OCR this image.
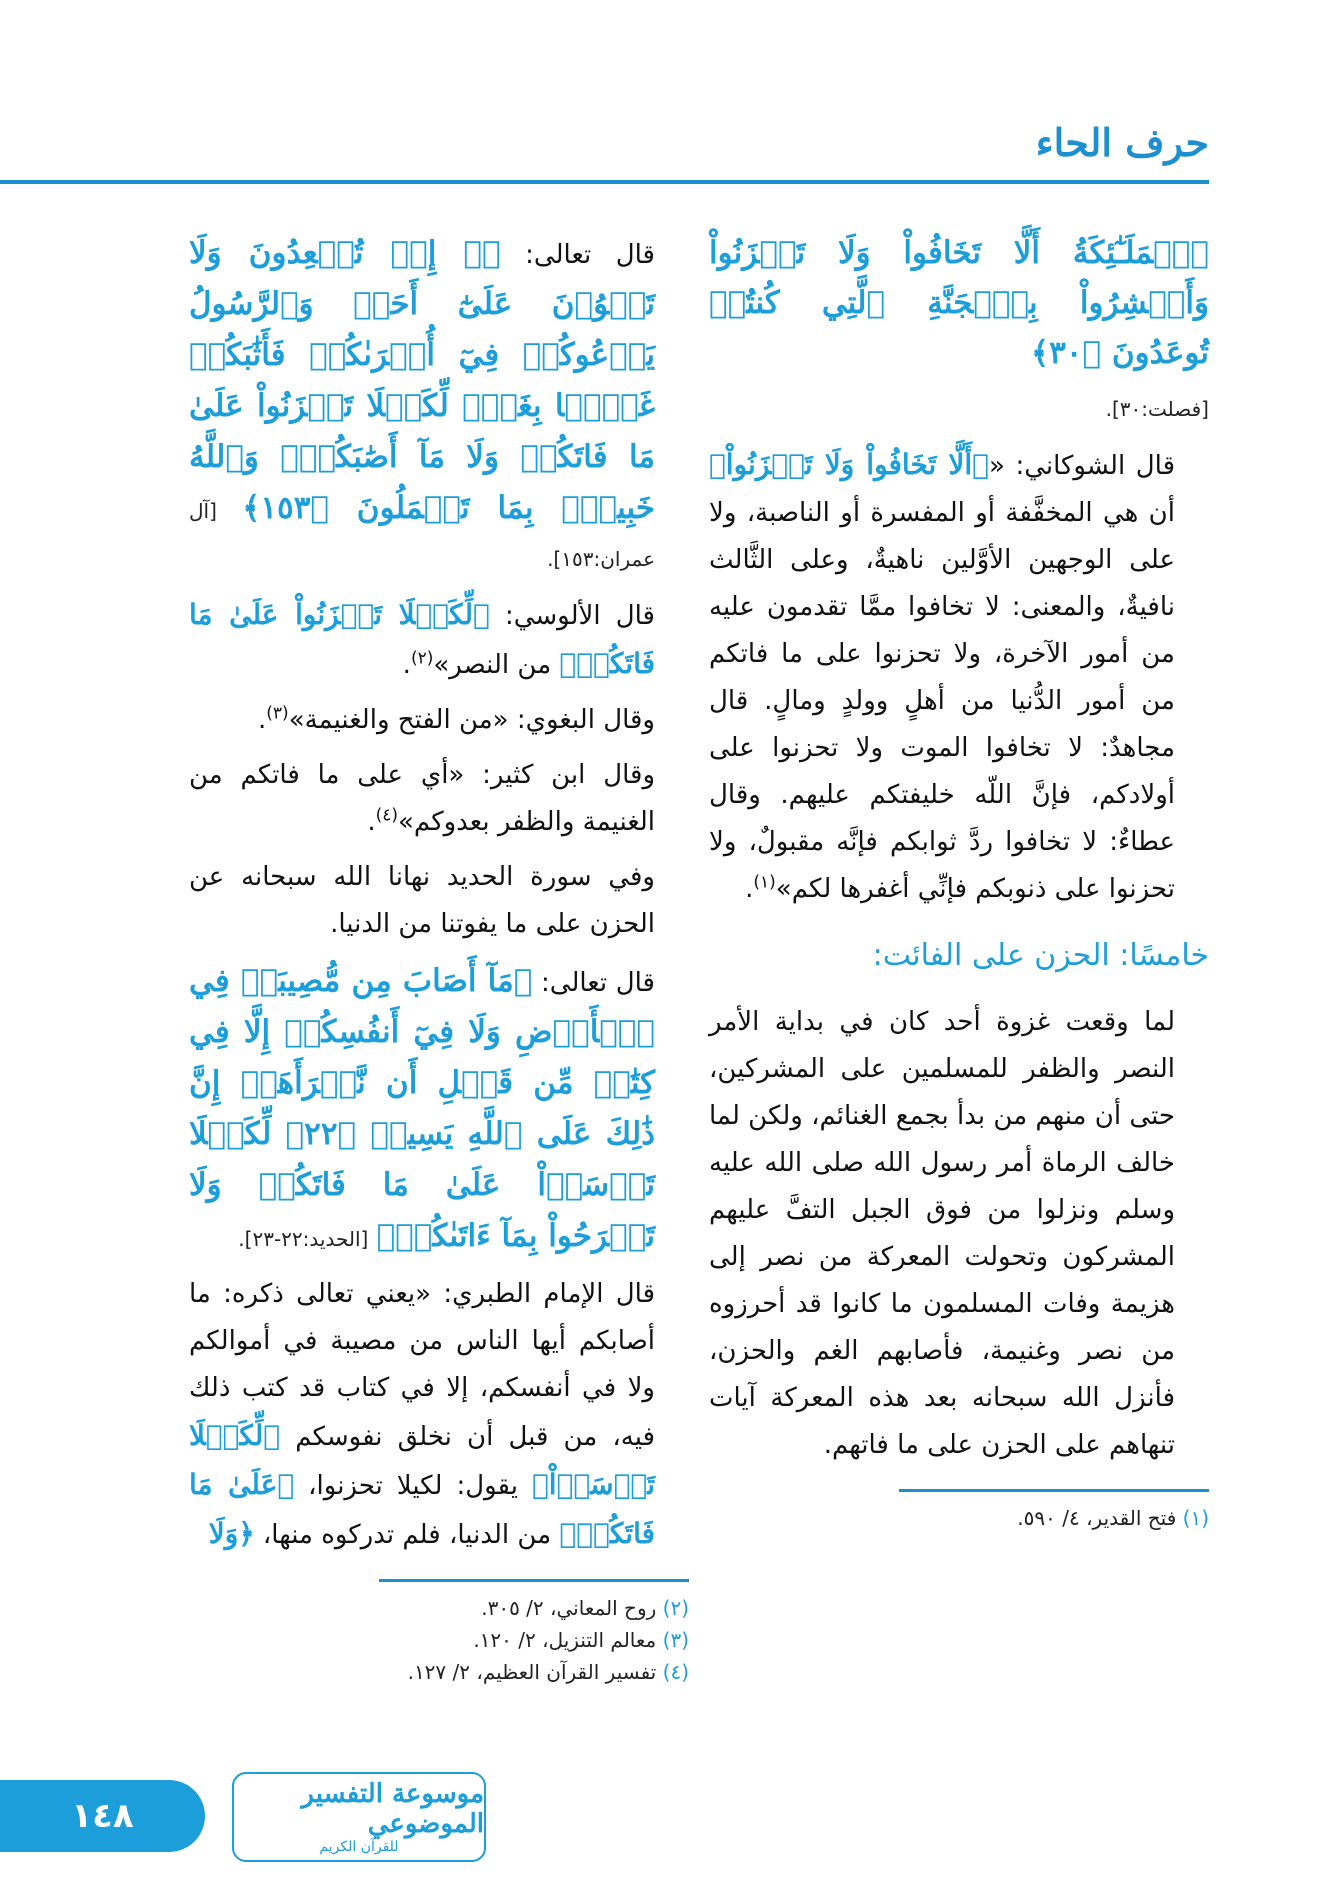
حرف الحاء

ٱلۡمَلَـٰٓئِكَةُ أَلَّا تَخَافُواْ وَلَا تَحۡزَنُواْ وَأَبۡشِرُواْ بِٱلۡجَنَّةِ ٱلَّتِي كُنتُمۡ تُوعَدُونَ ﴿٣٠﴾

[فصلت:٣٠].

قال الشوكاني: «﴿أَلَّا تَخَافُواْ وَلَا تَحۡزَنُواْ﴾ أن هي المخفَّفة أو المفسرة أو الناصبة، ولا على الوجهين الأوَّلين ناهيةٌ، وعلى الثَّالث نافيةٌ، والمعنى: لا تخافوا ممَّا تقدمون عليه من أمور الآخرة، ولا تحزنوا على ما فاتكم من أمور الدُّنيا من أهلٍ وولدٍ ومالٍ. قال مجاهدٌ: لا تخافوا الموت ولا تحزنوا على أولادكم، فإنَّ اللّه خليفتكم عليهم. وقال عطاءٌ: لا تخافوا ردَّ ثوابكم فإنَّه مقبولٌ، ولا تحزنوا على ذنوبكم فإنِّي أغفرها لكم»$^{(١)}$.

خامسًا: الحزن على الفائت:

لما وقعت غزوة أحد كان في بداية الأمر النصر والظفر للمسلمين على المشركين، حتى أن منهم من بدأ بجمع الغنائم، ولكن لما خالف الرماة أمر رسول الله صلى الله عليه وسلم ونزلوا من فوق الجبل التفَّ عليهم المشركون وتحولت المعركة من نصر إلى هزيمة وفات المسلمون ما كانوا قد أحرزوه من نصر وغنيمة، فأصابهم الغم والحزن، فأنزل الله سبحانه بعد هذه المعركة آيات تنهاهم على الحزن على ما فاتهم.

(١) فتح القدير، ٤/ ٥٩٠.

قال تعالى: ﴿۞ إِذۡ تُصۡعِدُونَ وَلَا تَلۡوُۥنَ عَلَىٰٓ أَحَدٖ وَٱلرَّسُولُ يَدۡعُوكُمۡ فِيٓ أُخۡرَىٰكُمۡ فَأَثَٰبَكُمۡ غَمَّۢا بِغَمّٖ لِّكَيۡلَا تَحۡزَنُواْ عَلَىٰ مَا فَاتَكُمۡ وَلَا مَآ أَصَٰبَكُمۡۗ وَٱللَّهُ خَبِيرُۢ بِمَا تَعۡمَلُونَ ﴿١٥٣﴾ [آل عمران:١٥٣].

قال الألوسي: ﴿لِّكَيۡلَا تَحۡزَنُواْ عَلَىٰ مَا فَاتَكُمۡ﴾ من النصر»$^{(٢)}$.

وقال البغوي: «من الفتح والغنيمة»$^{(٣)}$.

وقال ابن كثير: «أي على ما فاتكم من الغنيمة والظفر بعدوكم»$^{(٤)}$.

وفي سورة الحديد نهانا الله سبحانه عن الحزن على ما يفوتنا من الدنيا.

قال تعالى: ﴿مَآ أَصَابَ مِن مُّصِيبَةٖ فِي ٱلۡأَرۡضِ وَلَا فِيٓ أَنفُسِكُمۡ إِلَّا فِي كِتَٰبٖ مِّن قَبۡلِ أَن نَّبۡرَأَهَآۚ إِنَّ ذَٰلِكَ عَلَى ٱللَّهِ يَسِيرٞ ﴿٢٢﴾ لِّكَيۡلَا تَأۡسَوۡاْ عَلَىٰ مَا فَاتَكُمۡ وَلَا تَفۡرَحُواْ بِمَآ ءَاتَىٰكُمۡ﴾ [الحديد:٢٢-٢٣].

قال الإمام الطبري: «يعني تعالى ذكره: ما أصابكم أيها الناس من مصيبة في أموالكم ولا في أنفسكم، إلا في كتاب قد كتب ذلك فيه، من قبل أن نخلق نفوسكم ﴿لِّكَيۡلَا تَأۡسَوۡاْ﴾ يقول: لكيلا تحزنوا، ﴿عَلَىٰ مَا فَاتَكُمۡ﴾ من الدنيا، فلم تدركوه منها، ﴿وَلَا

(٢) روح المعاني، ٢/ ٣٠٥.
(٣) معالم التنزيل، ٢/ ١٢٠.
(٤) تفسير القرآن العظيم، ٢/ ١٢٧.
١٤٨
موسوعة التفسير الموضوعي
للقرآن الكريم
